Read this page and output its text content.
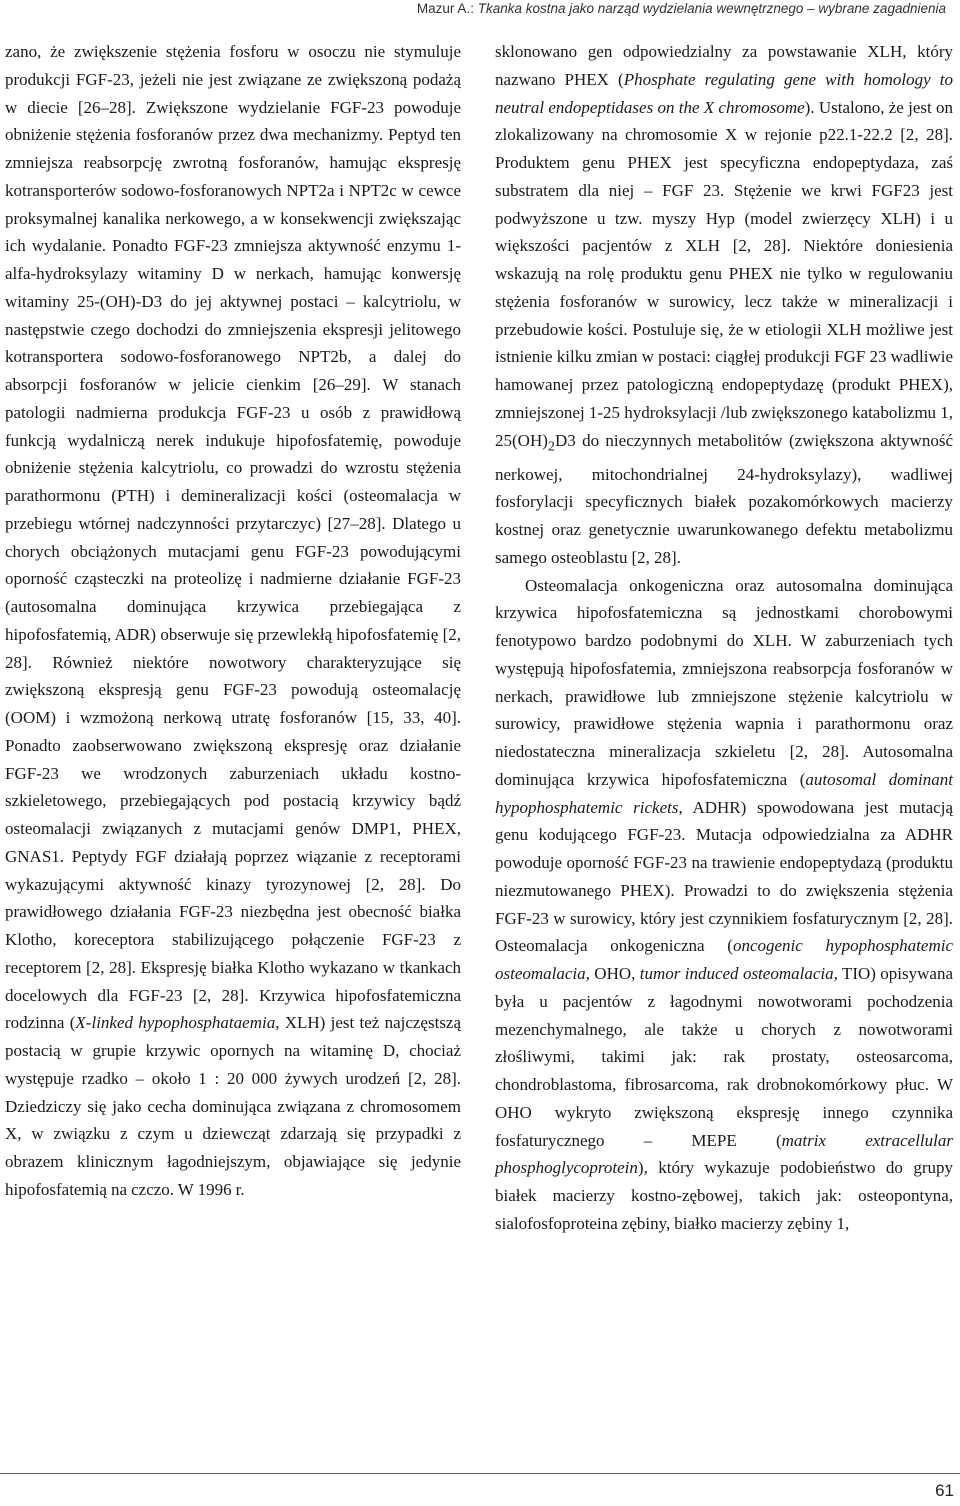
Mazur A.: Tkanka kostna jako narząd wydzielania wewnętrznego – wybrane zagadnienia

zano, że zwiększenie stężenia fosforu w osoczu nie stymuluje produkcji FGF-23, jeżeli nie jest związane ze zwiększoną podażą w diecie [26–28]. Zwiększone wydzielanie FGF-23 powoduje obniżenie stężenia fosforanów przez dwa mechanizmy. Peptyd ten zmniejsza reabsorpcję zwrotną fosforanów, hamując ekspresję kotransporterów sodowo-fosforanowych NPT2a i NPT2c w cewce proksymalnej kanalika nerkowego, a w konsekwencji zwiększając ich wydalanie. Ponadto FGF-23 zmniejsza aktywność enzymu 1-alfa-hydroksylazy witaminy D w nerkach, hamując konwersję witaminy 25-(OH)-D3 do jej aktywnej postaci – kalcytriolu, w następstwie czego dochodzi do zmniejszenia ekspresji jelitowego kotransportera sodowo-fosforanowego NPT2b, a dalej do absorpcji fosforanów w jelicie cienkim [26–29]. W stanach patologii nadmierna produkcja FGF-23 u osób z prawidłową funkcją wydalniczą nerek indukuje hipofosfatemię, powoduje obniżenie stężenia kalcytriolu, co prowadzi do wzrostu stężenia parathormonu (PTH) i demineralizacji kości (osteomalacja w przebiegu wtórnej nadczynności przytarczyc) [27–28]. Dlatego u chorych obciążonych mutacjami genu FGF-23 powodującymi oporność cząsteczki na proteolizę i nadmierne działanie FGF-23 (autosomalna dominująca krzywica przebiegająca z hipofosfatemią, ADR) obserwuje się przewlekłą hipofosfatemię [2, 28]. Również niektóre nowotwory charakteryzujące się zwiększoną ekspresją genu FGF-23 powodują osteomalację (OOM) i wzmożoną nerkową utratę fosforanów [15, 33, 40]. Ponadto zaobserwowano zwiększoną ekspresję oraz działanie FGF-23 we wrodzonych zaburzeniach układu kostno-szkieletowego, przebiegających pod postacią krzywicy bądź osteomalacji związanych z mutacjami genów DMP1, PHEX, GNAS1. Peptydy FGF działają poprzez wiązanie z receptorami wykazującymi aktywność kinazy tyrozynowej [2, 28]. Do prawidłowego działania FGF-23 niezbędna jest obecność białka Klotho, koreceptora stabilizującego połączenie FGF-23 z receptorem [2, 28]. Ekspresję białka Klotho wykazano w tkankach docelowych dla FGF-23 [2, 28]. Krzywica hipofosfatemiczna rodzinna (X-linked hypophosphataemia, XLH) jest też najczęstszą postacią w grupie krzywic opornych na witaminę D, chociaż występuje rzadko – około 1 : 20 000 żywych urodzeń [2, 28]. Dziedziczy się jako cecha dominująca związana z chromosomem X, w związku z czym u dziewcząt zdarzają się przypadki z obrazem klinicznym łagodniejszym, objawiające się jedynie hipofosfatemią na czczo. W 1996 r.

sklonowano gen odpowiedzialny za powstawanie XLH, który nazwano PHEX (Phosphate regulating gene with homology to neutral endopeptidases on the X chromosome). Ustalono, że jest on zlokalizowany na chromosomie X w rejonie p22.1-22.2 [2, 28]. Produktem genu PHEX jest specyficzna endopeptydaza, zaś substratem dla niej – FGF 23. Stężenie we krwi FGF23 jest podwyższone u tzw. myszy Hyp (model zwierzęcy XLH) i u większości pacjentów z XLH [2, 28]. Niektóre doniesienia wskazują na rolę produktu genu PHEX nie tylko w regulowaniu stężenia fosforanów w surowicy, lecz także w mineralizacji i przebudowie kości. Postuluje się, że w etiologii XLH możliwe jest istnienie kilku zmian w postaci: ciągłej produkcji FGF 23 wadliwie hamowanej przez patologiczną endopeptydazę (produkt PHEX), zmniejszonej 1-25 hydroksylacji /lub zwiększonego katabolizmu 1, $25(OH)_2D3$ do nieczynnych metabolitów (zwiększona aktywność nerkowej, mitochondrialnej 24-hydroksylazy), wadliwej fosforylacji specyficznych białek pozakomórkowych macierzy kostnej oraz genetycznie uwarunkowanego defektu metabolizmu samego osteoblastu [2, 28].

Osteomalacja onkogeniczna oraz autosomalna dominująca krzywica hipofosfatemiczna są jednostkami chorobowymi fenotypowo bardzo podobnymi do XLH. W zaburzeniach tych występują hipofosfatemia, zmniejszona reabsorpcja fosforanów w nerkach, prawidłowe lub zmniejszone stężenie kalcytriolu w surowicy, prawidłowe stężenia wapnia i parathormonu oraz niedostateczna mineralizacja szkieletu [2, 28]. Autosomalna dominująca krzywica hipofosfatemiczna (autosomal dominant hypophosphatemic rickets, ADHR) spowodowana jest mutacją genu kodującego FGF-23. Mutacja odpowiedzialna za ADHR powoduje oporność FGF-23 na trawienie endopeptydazą (produktu niezmutowanego PHEX). Prowadzi to do zwiększenia stężenia FGF-23 w surowicy, który jest czynnikiem fosfaturycznym [2, 28]. Osteomalacja onkogeniczna (oncogenic hypophosphatemic osteomalacia, OHO, tumor induced osteomalacia, TIO) opisywana była u pacjentów z łagodnymi nowotworami pochodzenia mezenchymalnego, ale także u chorych z nowotworami złośliwymi, takimi jak: rak prostaty, osteosarcoma, chondroblastoma, fibrosarcoma, rak drobnokomórkowy płuc. W OHO wykryto zwiększoną ekspresję innego czynnika fosfaturycznego – MEPE (matrix extracellular phosphoglycoprotein), który wykazuje podobieństwo do grupy białek macierzy kostno-zębowej, takich jak: osteopontyna, sialofosfoproteina zębiny, białko macierzy zębiny 1,

61
